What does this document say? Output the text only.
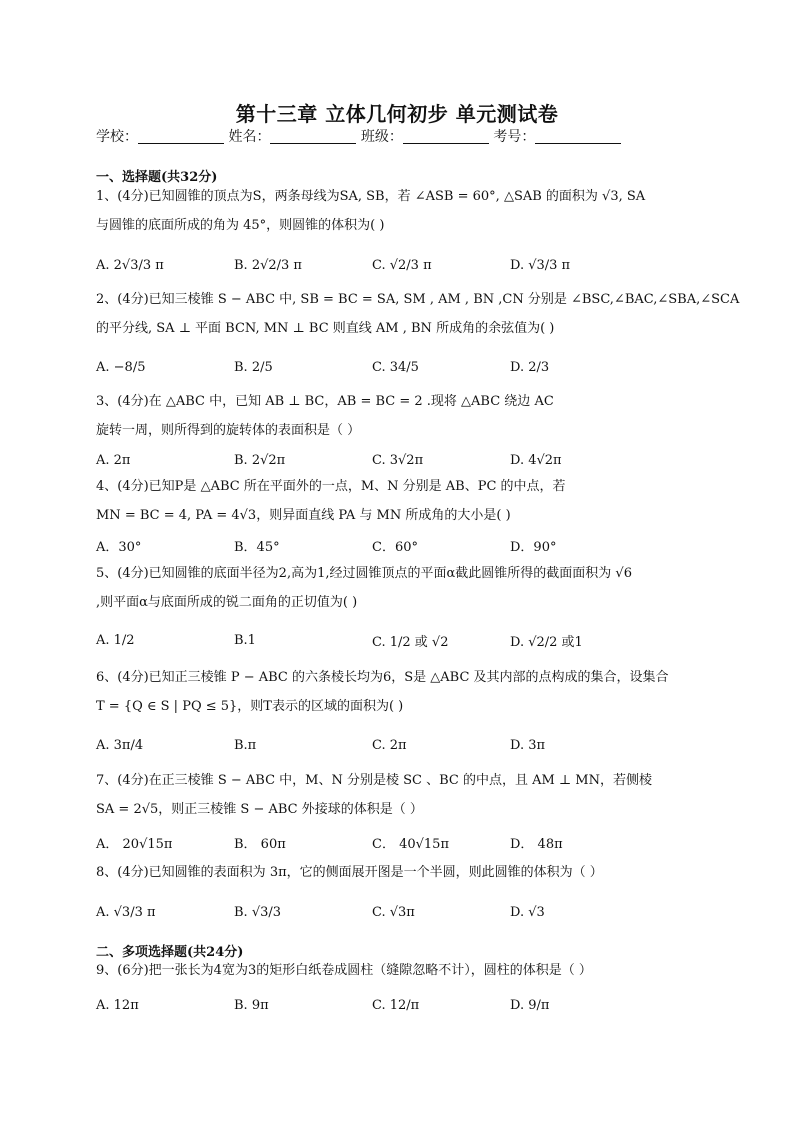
第十三章 立体几何初步 单元测试卷
学校：	姓名：	班级：	考号：
一、选择题(共32分)
1、(4分)已知圆锥的顶点为S，两条母线为SA, SB，若 ∠ASB = 60°, △SAB 的面积为 √3, SA
与圆锥的底面所成的角为 45°，则圆锥的体积为( )
A. 2√3/3 π	B. 2√2/3 π	C. √2/3 π	D. √3/3 π
2、(4分)已知三棱锥 S − ABC 中, SB = BC = SA, SM , AM , BN ,CN 分别是 ∠BSC,∠BAC,∠SBA,∠SCA
的平分线, SA ⊥ 平面 BCN, MN ⊥ BC 则直线 AM , BN 所成角的余弦值为( )
A. −8/5	B. 2/5	C. 34/5	D. 2/3
3、(4分)在 △ABC 中，已知 AB ⊥ BC，AB = BC = 2 .现将 △ABC 绕边 AC
旋转一周，则所得到的旋转体的表面积是（ ）
A. 2π	B. 2√2π	C. 3√2π	D. 4√2π
4、(4分)已知P是 △ABC 所在平面外的一点，M、N 分别是 AB、PC 的中点，若
MN = BC = 4, PA = 4√3，则异面直线 PA 与 MN 所成角的大小是( )
A．30°	B．45°	C．60°	D．90°
5、(4分)已知圆锥的底面半径为2,高为1,经过圆锥顶点的平面α截此圆锥所得的截面面积为 √6
,则平面α与底面所成的锐二面角的正切值为( )
A. 1/2	B.1	C. 1/2 或 √2	D. √2/2 或1
6、(4分)已知正三棱锥 P − ABC 的六条棱长均为6，S是 △ABC 及其内部的点构成的集合，设集合
T = {Q ∈ S | PQ ≤ 5}，则T表示的区域的面积为( )
A. 3π/4	B.π	C. 2π	D. 3π
7、(4分)在正三棱锥 S − ABC 中，M、N 分别是棱 SC 、BC 的中点，且 AM ⊥ MN，若侧棱
SA = 2√5，则正三棱锥 S − ABC 外接球的体积是（ ）
A． 20√15π	B． 60π	C． 40√15π	D． 48π
8、(4分)已知圆锥的表面积为 3π，它的侧面展开图是一个半圆，则此圆锥的体积为（ ）
A. √3/3 π	B. √3/3	C. √3π	D. √3
二、多项选择题(共24分)
9、(6分)把一张长为4宽为3的矩形白纸卷成圆柱（缝隙忽略不计），圆柱的体积是（ ）
A. 12π	B. 9π	C. 12/π	D. 9/π
